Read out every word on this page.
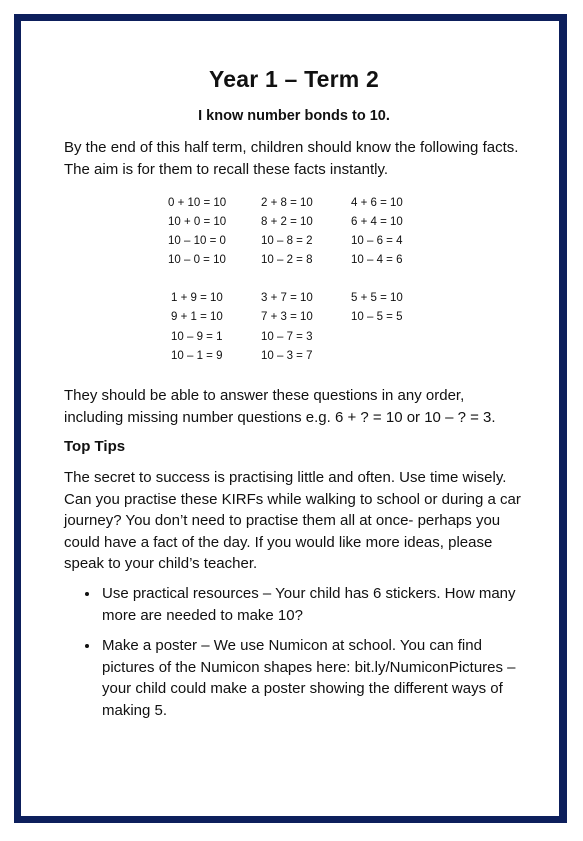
Year 1 – Term 2
I know number bonds to 10.

By the end of this half term, children should know the following facts. The aim is for them to recall these facts instantly.

0 + 10 = 10
10 + 0 = 10
10 – 10 = 0
10 – 0 = 10
2 + 8 = 10
8 + 2 = 10
10 – 8 = 2
10 – 2 = 8
4 + 6 = 10
6 + 4 = 10
10 – 6 = 4
10 – 4 = 6
1 + 9 = 10
9 + 1 = 10
10 – 9 = 1
10 – 1 = 9
3 + 7 = 10
7 + 3 = 10
10 – 7 = 3
10 – 3 = 7
5 + 5 = 10
10 – 5 = 5

They should be able to answer these questions in any order, including missing number questions e.g. 6 + ? = 10 or 10 – ? = 3.

Top Tips

The secret to success is practising little and often. Use time wisely. Can you practise these KIRFs while walking to school or during a car journey? You don’t need to practise them all at once- perhaps you could have a fact of the day. If you would like more ideas, please speak to your child’s teacher.

• Use practical resources – Your child has 6 stickers. How many more are needed to make 10?
• Make a poster – We use Numicon at school. You can find pictures of the Numicon shapes here: bit.ly/NumiconPictures – your child could make a poster showing the different ways of making 5.
